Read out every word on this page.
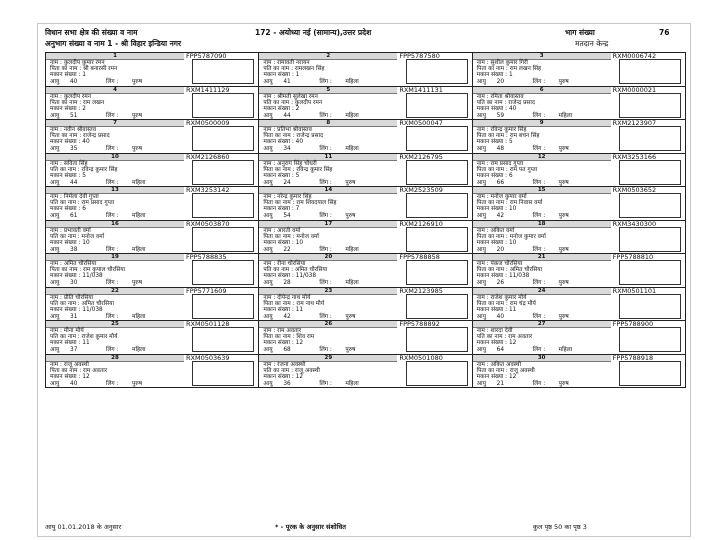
विधान सभा क्षेत्र की संख्या व नाम	172 - अयोध्या नई (सामान्य),उत्तर प्रदेश	भाग संख्या	76
अनुभाग संख्या व नाम 1 - श्री विहार इन्डिया नगर	मतदान केन्द्र
1	FPP5787090
नाम : कुलदीप कुमार रमन
पिता का नाम : श्री बनारसी रमन
मकान संख्या : 1
आयु 40	लिंग : पुरुष
2	FPP5787580
नाम : रामावती नरायन
पति का नाम : रामलखन सिंह
मकान संख्या : 1
आयु 41	लिंग : महिला
3	RXM0006742
नाम : सुशील कुमार गिरी
पिता का नाम : राम लखन सिंह
मकान संख्या : 1
आयु 20	लिंग : पुरुष
4	RXM1411129
नाम : कुलदीप रमन
पिता का नाम : राम लखन
मकान संख्या : 2
आयु 51	लिंग : पुरुष
5	RXM1411131
नाम : श्रीमती सुलेखा रमन
पति का नाम : कुलदीप रमन
मकान संख्या : 2
आयु 44	लिंग : महिला
6	RXM0000021
नाम : रमिता श्रीवास्तव
पति का नाम : राजेन्द्र प्रसाद
मकान संख्या : 40
आयु 59	लिंग : महिला
7	RXM0500009
नाम : नवीन श्रीवास्तव
पिता का नाम : राजेन्द्र प्रसाद
मकान संख्या : 40
आयु 35	लिंग : पुरुष
8	RXM0500047
नाम : प्रतिभा श्रीवास्तव
पिता का नाम : राजेन्द्र प्रसाद
मकान संख्या : 40
आयु 34	लिंग : महिला
9	RXM2123907
नाम : रविन्द्र कुमार सिंह
पिता का नाम : राम बचन सिंह
मकान संख्या : 5
आयु 48	लिंग : पुरुष
10	RXM2126860
नाम : सविता सिंह
पति का नाम : रविन्द्र कुमार सिंह
मकान संख्या : 5
आयु 44	लिंग : महिला
11	RXM2126795
नाम : अनुराग सिंह चौधरी
पिता का नाम : रविन्द्र कुमार सिंह
मकान संख्या : 5
आयु 24	लिंग : पुरुष
12	RXM3253166
नाम : राम प्रसाद गुप्ता
पिता का नाम : राम पत गुप्ता
मकान संख्या : 6
आयु 66	लिंग : पुरुष
13	RXM3253142
नाम : निर्मला देवी गुप्ता
पति का नाम : राम प्रसाद गुप्ता
मकान संख्या : 6
आयु 61	लिंग : महिला
14	RXM2523509
नाम : नरेन्द्र कुमार सिंह
पिता का नाम : राम शिवदयाल सिंह
मकान संख्या : 7
आयु 54	लिंग : पुरुष
15	RXM0503652
नाम : मनोज कुमार वर्मा
पिता का नाम : राम निवास वर्मा
मकान संख्या : 10
आयु 42	लिंग : पुरुष
16	RXM0503870
नाम : प्रभावती वर्मा
पति का नाम : मनोज वर्मा
मकान संख्या : 10
आयु 38	लिंग : महिला
17	RXM2126910
नाम : आरती वर्मा
पिता का नाम : मनोज वर्मा
मकान संख्या : 10
आयु 22	लिंग : महिला
18	RXM3430300
नाम : अंकित वर्मा
पिता का नाम : मनोज कुमार वर्मा
मकान संख्या : 10
आयु 20	लिंग : पुरुष
19	FPP5788835
नाम : अमित चौरसिया
पिता का नाम : राम कृपाल चौरसिया
मकान संख्या : 11/038
आयु 30	लिंग : पुरुष
20	FPP5788858
नाम : रीना चौरसिया
पति का नाम : अमित चौरसिया
मकान संख्या : 11/038
आयु 28	लिंग : महिला
21	FPP5788810
नाम : पंकज चौरसिया
पिता का नाम : अमित चौरसिया
मकान संख्या : 11/038
आयु 26	लिंग : पुरुष
22	FPP5771609
नाम : प्रीति चौरसिया
पति का नाम : अमित चौरसिया
मकान संख्या : 11/038
आयु 31	लिंग : महिला
23	RXM2123985
नाम : दीपेन्द्र नाथ मौर्य
पिता का नाम : राम नाथ मौर्य
मकान संख्या : 11
आयु 42	लिंग : पुरुष
24	RXM0501101
नाम : राजेश कुमार मौर्य
पिता का नाम : राम चंद्र मौर्य
मकान संख्या : 11
आयु 40	लिंग : पुरुष
25	RXM0501128
नाम : मीना मौर्य
पति का नाम : राजेश कुमार मौर्य
मकान संख्या : 11
आयु 37	लिंग : महिला
26	FPP5788892
नाम : राम अवतार
पिता का नाम : शिव राम
मकान संख्या : 12
आयु 68	लिंग : पुरुष
27	FPP5788900
नाम : शारदा देवी
पति का नाम : राम अवतार
मकान संख्या : 12
आयु 64	लिंग : महिला
28	RXM0503639
नाम : राजू अवस्थी
पिता का नाम : राम अवतार
मकान संख्या : 12
आयु 40	लिंग : पुरुष
29	RXM0501080
नाम : रंजना अवस्थी
पति का नाम : राजू अवस्थी
मकान संख्या : 12
आयु 36	लिंग : महिला
30	FPP5788918
नाम : अंकित अवस्थी
पिता का नाम : राजू अवस्थी
मकान संख्या : 12
आयु 21	लिंग : पुरुष
आयु 01.01.2018 के अनुसार	* - पूरक के अनुसार संशोधित	कुल पृष्ठ 50 का पृष्ठ 3
